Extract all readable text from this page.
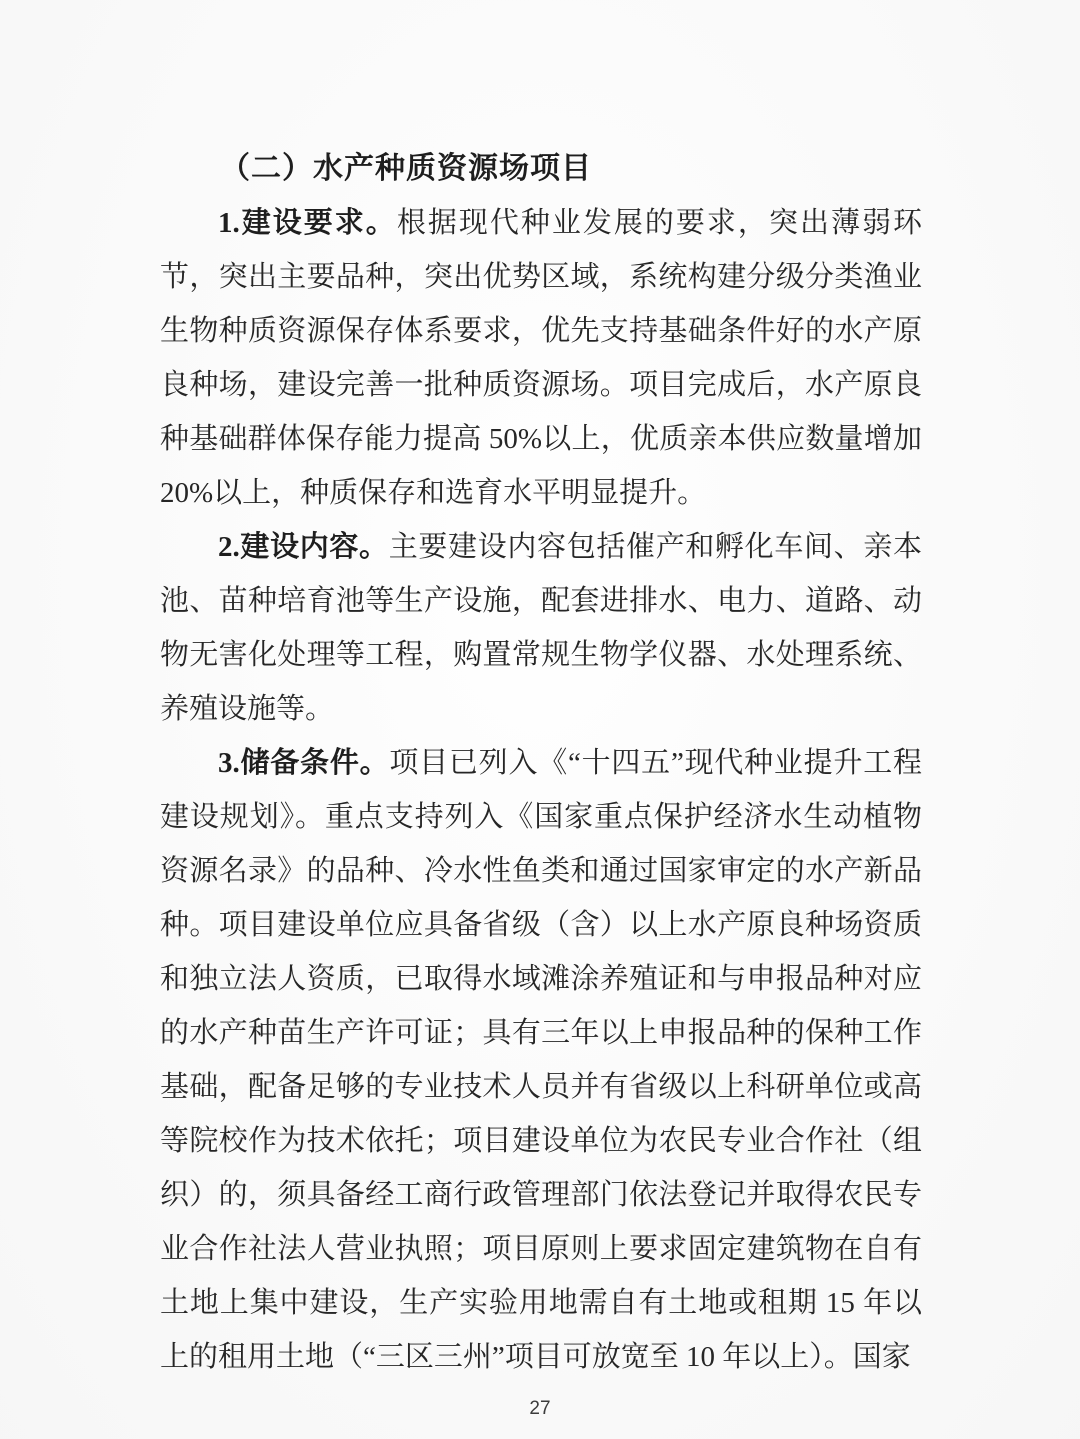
（二）水产种质资源场项目

1.建设要求。根据现代种业发展的要求，突出薄弱环节，突出主要品种，突出优势区域，系统构建分级分类渔业生物种质资源保存体系要求，优先支持基础条件好的水产原良种场，建设完善一批种质资源场。项目完成后，水产原良种基础群体保存能力提高 50%以上，优质亲本供应数量增加 20%以上，种质保存和选育水平明显提升。

2.建设内容。主要建设内容包括催产和孵化车间、亲本池、苗种培育池等生产设施，配套进排水、电力、道路、动物无害化处理等工程，购置常规生物学仪器、水处理系统、养殖设施等。

3.储备条件。项目已列入《“十四五”现代种业提升工程建设规划》。重点支持列入《国家重点保护经济水生动植物资源名录》的品种、冷水性鱼类和通过国家审定的水产新品种。项目建设单位应具备省级（含）以上水产原良种场资质和独立法人资质，已取得水域滩涂养殖证和与申报品种对应的水产种苗生产许可证；具有三年以上申报品种的保种工作基础，配备足够的专业技术人员并有省级以上科研单位或高等院校作为技术依托；项目建设单位为农民专业合作社（组织）的，须具备经工商行政管理部门依法登记并取得农民专业合作社法人营业执照；项目原则上要求固定建筑物在自有土地上集中建设，生产实验用地需自有土地或租期 15 年以上的租用土地（“三区三州”项目可放宽至 10 年以上）。国家

27
